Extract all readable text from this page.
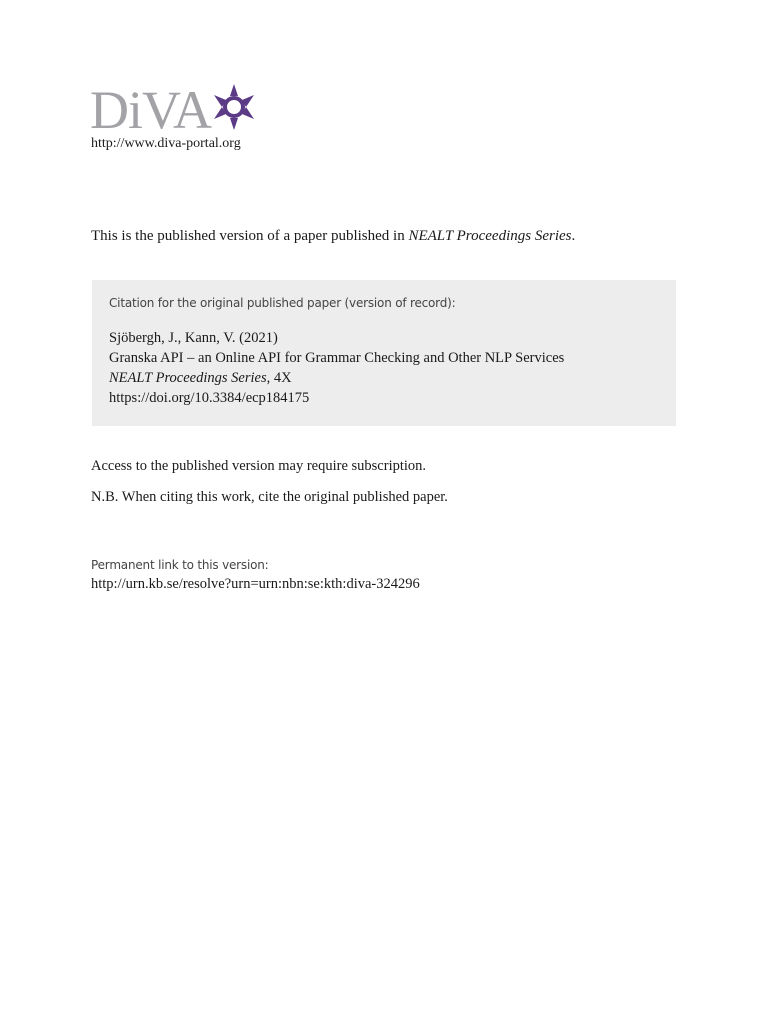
DiVA
http://www.diva-portal.org
This is the published version of a paper published in NEALT Proceedings Series.
Citation for the original published paper (version of record):
Sjöbergh, J., Kann, V. (2021)
Granska API – an Online API for Grammar Checking and Other NLP Services
NEALT Proceedings Series, 4X
https://doi.org/10.3384/ecp184175
Access to the published version may require subscription.
N.B. When citing this work, cite the original published paper.
Permanent link to this version:
http://urn.kb.se/resolve?urn=urn:nbn:se:kth:diva-324296
